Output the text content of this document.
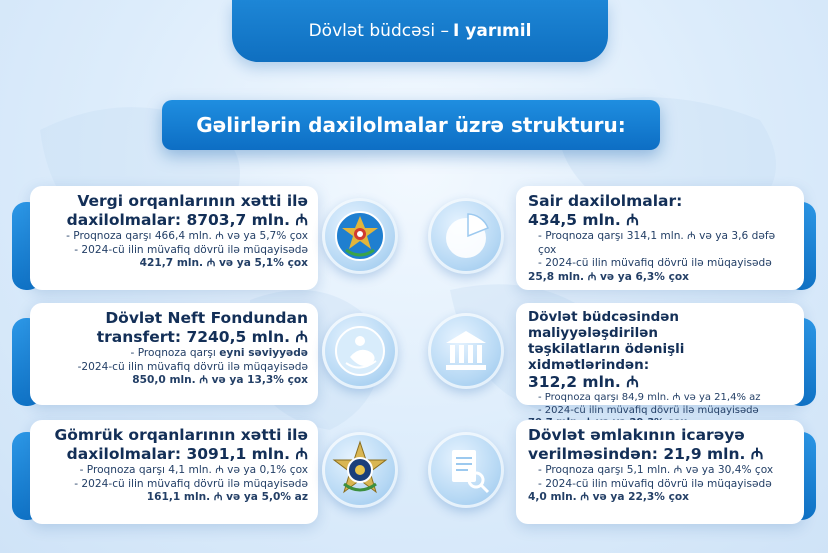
Dövlət büdcəsi – I yarımil
Gəlirlərin daxilolmalar üzrə strukturu:
Vergi orqanlarının xətti ilə
daxilolmalar: 8703,7 mln. ₼
- Proqnoza qarşı 466,4 mln. ₼ və ya 5,7% çox
- 2024-cü ilin müvafiq dövrü ilə müqayisədə
421,7 mln. ₼ və ya 5,1% çox
Dövlət Neft Fondundan
transfert: 7240,5 mln. ₼
- Proqnoza qarşı eyni səviyyədə
-2024-cü ilin müvafiq dövrü ilə müqayisədə
850,0 mln. ₼ və ya 13,3% çox
Gömrük orqanlarının xətti ilə
daxilolmalar: 3091,1 mln. ₼
- Proqnoza qarşı 4,1 mln. ₼ və ya 0,1% çox
- 2024-cü ilin müvafiq dövrü ilə müqayisədə
161,1 mln. ₼ və ya 5,0% az
Sair daxilolmalar:
434,5 mln. ₼
- Proqnoza qarşı 314,1 mln. ₼ və ya 3,6 dəfə çox
- 2024-cü ilin müvafiq dövrü ilə müqayisədə
25,8 mln. ₼ və ya 6,3% çox
Dövlət büdcəsindən maliyyələşdirilən
təşkilatların ödənişli xidmətlərindən:
312,2 mln. ₼
- Proqnoza qarşı 84,9 mln. ₼ və ya 21,4% az
- 2024-cü ilin müvafiq dövrü ilə müqayisədə
Dövlət əmlakının icarəyə
verilməsindən: 21,9 mln. ₼
- Proqnoza qarşı 5,1 mln. ₼ və ya 30,4% çox
- 2024-cü ilin müvafiq dövrü ilə müqayisədə
4,0 mln. ₼ və ya 22,3% çox
